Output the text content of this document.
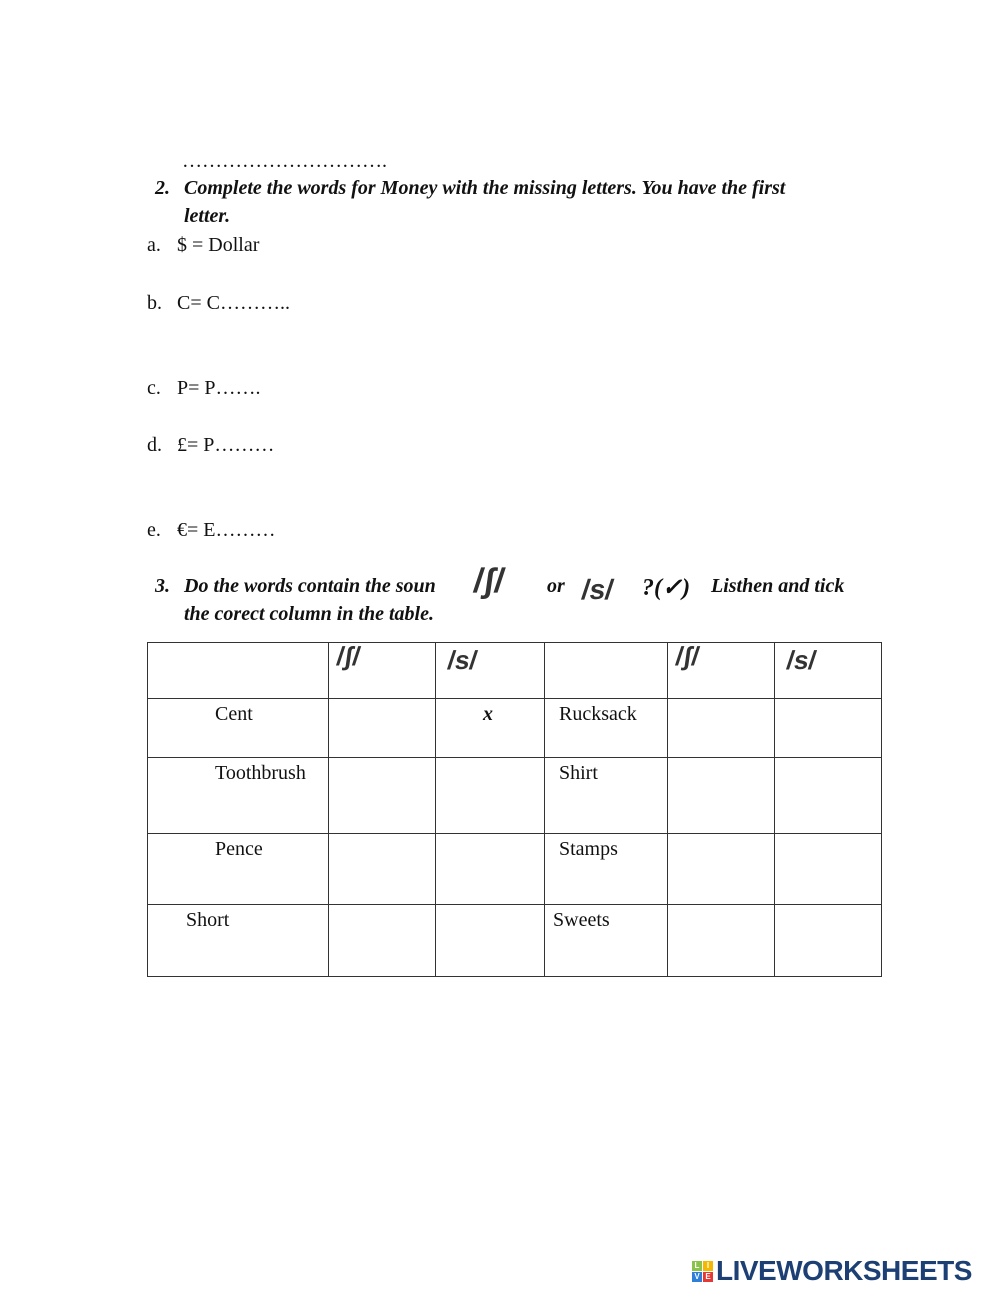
………………………….
2. Complete the words for Money with the missing letters. You have the first
letter.
a. $ = Dollar
b. C= C………..
c. P= P…….
d. £= P………
e. €= E………
3. Do the words contain the soun /ʃ/ or /s/ ?(✓) Listhen and tick
the corect column in the table.

	/ʃ/	/s/		/ʃ/	/s/

Cent		x	Rucksack		

Toothbrush			Shirt		

Pence			Stamps		

Short			Sweets		

L I
V E LIVEWORKSHEETS
